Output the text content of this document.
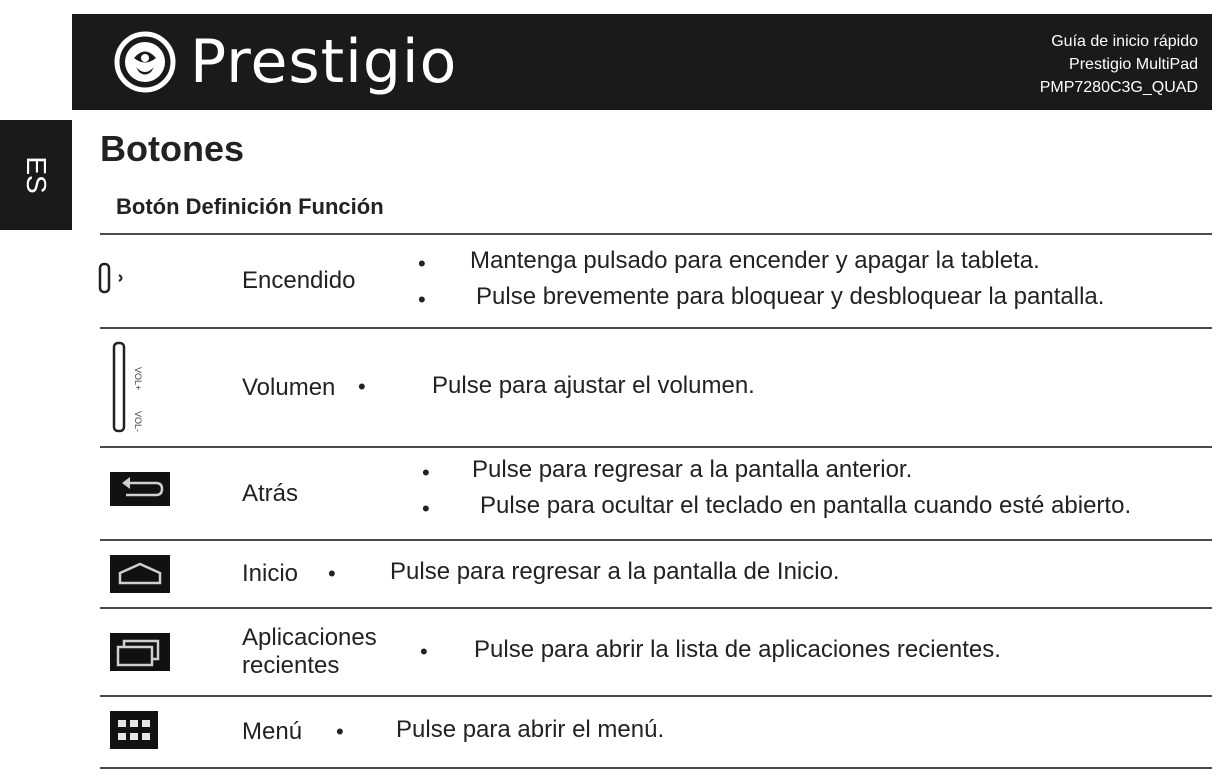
Prestigio	Guía de inicio rápido
Prestigio MultiPad
PMP7280C3G_QUAD
ES
Botones
Botón Definición Función
Encendido
• Mantenga pulsado para encender y apagar la tableta.
• Pulse brevemente para bloquear y desbloquear la pantalla.
VOL+
VOL-
Volumen •	Pulse para ajustar el volumen.
Atrás
• Pulse para regresar a la pantalla anterior.
• Pulse para ocultar el teclado en pantalla cuando esté abierto.
Inicio • Pulse para regresar a la pantalla de Inicio.
Aplicaciones recientes
• Pulse para abrir la lista de aplicaciones recientes.
Menú • Pulse para abrir el menú.
